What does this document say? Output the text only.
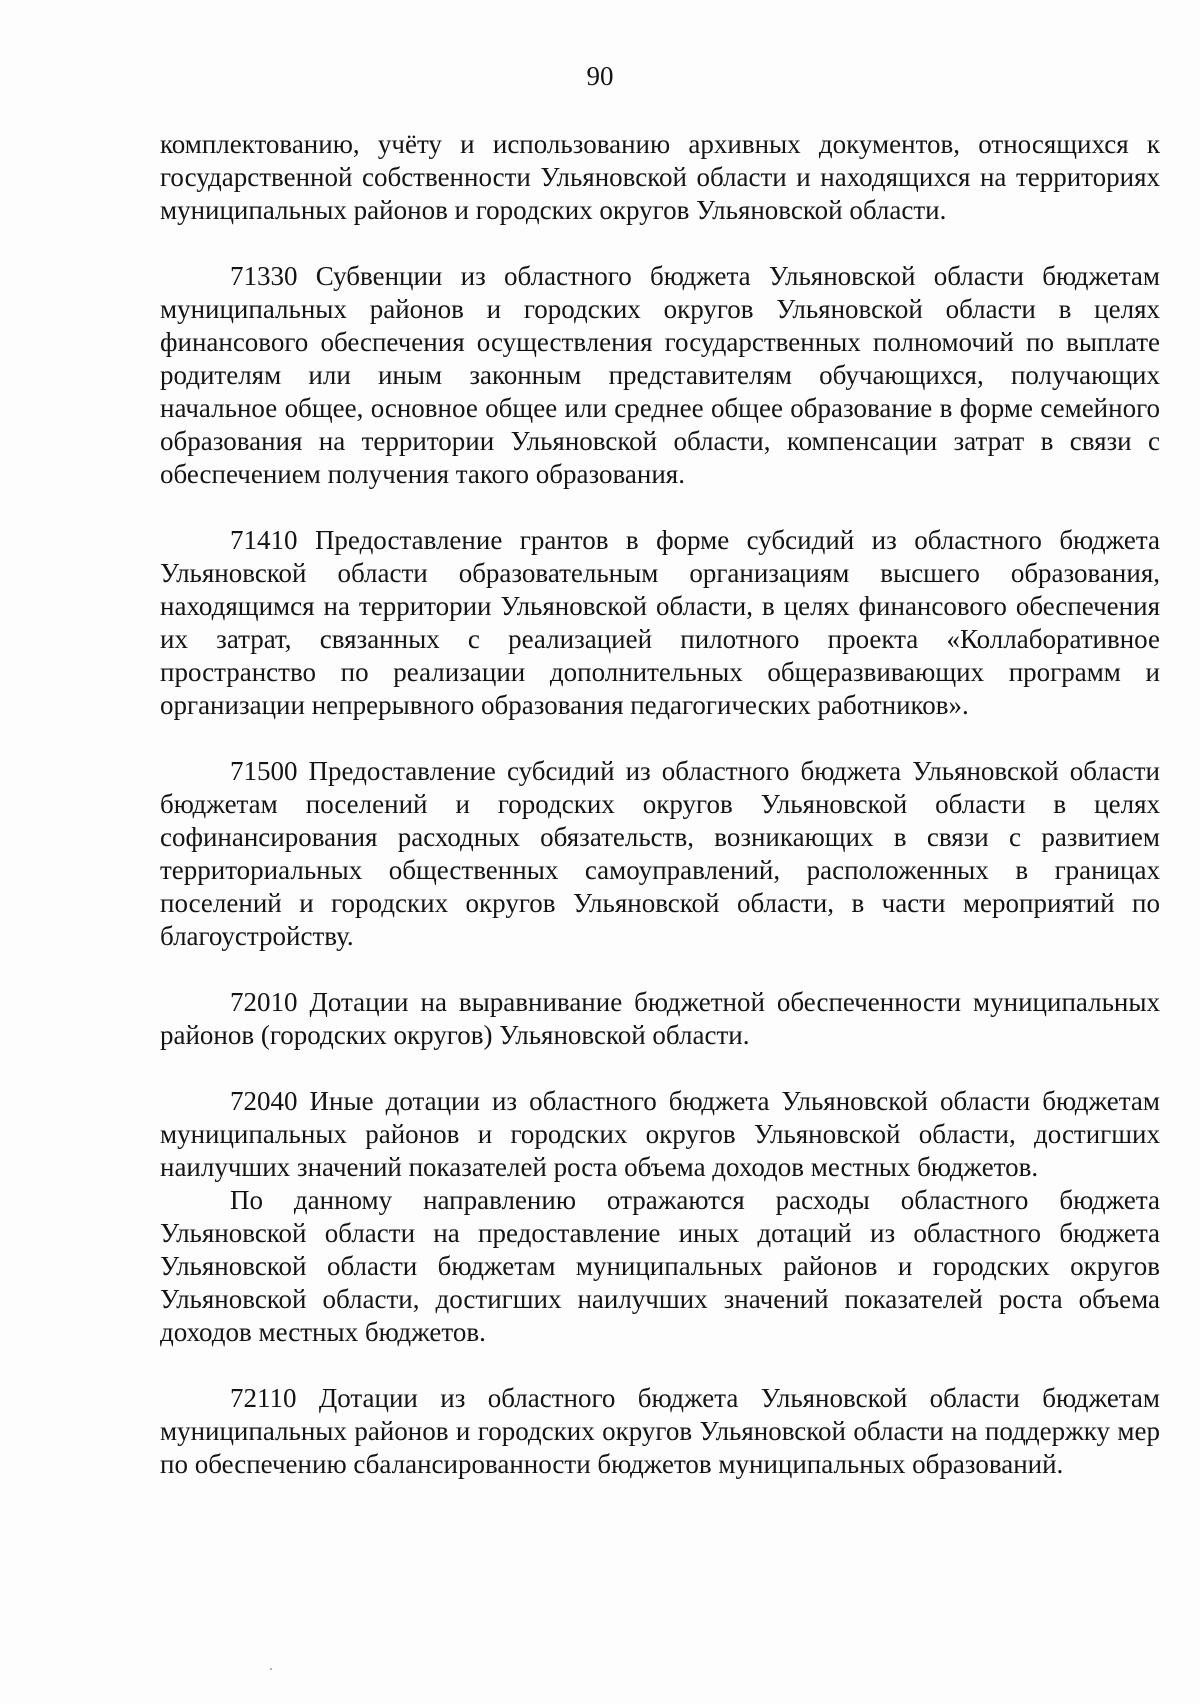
90

комплектованию, учёту и использованию архивных документов, относящихся к государственной собственности Ульяновской области и находящихся на территориях муниципальных районов и городских округов Ульяновской области.

71330 Субвенции из областного бюджета Ульяновской области бюджетам муниципальных районов и городских округов Ульяновской области в целях финансового обеспечения осуществления государственных полномочий по выплате родителям или иным законным представителям обучающихся, получающих начальное общее, основное общее или среднее общее образование в форме семейного образования на территории Ульяновской области, компенсации затрат в связи с обеспечением получения такого образования.

71410 Предоставление грантов в форме субсидий из областного бюджета Ульяновской области образовательным организациям высшего образования, находящимся на территории Ульяновской области, в целях финансового обеспечения их затрат, связанных с реализацией пилотного проекта «Коллаборативное пространство по реализации дополнительных общеразвивающих программ и организации непрерывного образования педагогических работников».

71500 Предоставление субсидий из областного бюджета Ульяновской области бюджетам поселений и городских округов Ульяновской области в целях софинансирования расходных обязательств, возникающих в связи с развитием территориальных общественных самоуправлений, расположенных в границах поселений и городских округов Ульяновской области, в части мероприятий по благоустройству.

72010 Дотации на выравнивание бюджетной обеспеченности муниципальных районов (городских округов) Ульяновской области.

72040 Иные дотации из областного бюджета Ульяновской области бюджетам муниципальных районов и городских округов Ульяновской области, достигших наилучших значений показателей роста объема доходов местных бюджетов.

По данному направлению отражаются расходы областного бюджета Ульяновской области на предоставление иных дотаций из областного бюджета Ульяновской области бюджетам муниципальных районов и городских округов Ульяновской области, достигших наилучших значений показателей роста объема доходов местных бюджетов.

72110 Дотации из областного бюджета Ульяновской области бюджетам муниципальных районов и городских округов Ульяновской области на поддержку мер по обеспечению сбалансированности бюджетов муниципальных образований.
